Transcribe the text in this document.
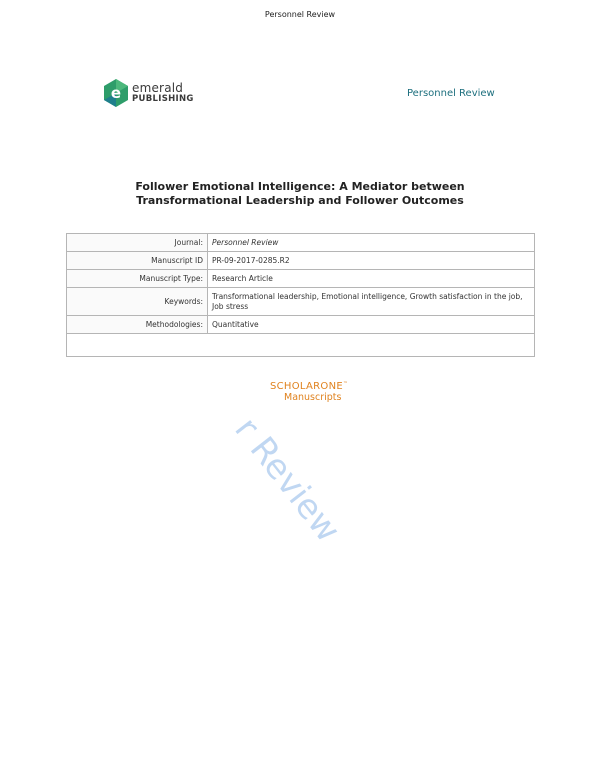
Personnel Review
e emerald
PUBLISHING
Personnel Review
Follower Emotional Intelligence: A Mediator between
Transformational Leadership and Follower Outcomes
Journal:	Personnel Review
Manuscript ID	PR-09-2017-0285.R2
Manuscript Type:	Research Article
Keywords:	Transformational leadership, Emotional intelligence, Growth satisfaction in the job, Job stress
Methodologies:	Quantitative

SCHOLARONE™
Manuscripts
r Review
